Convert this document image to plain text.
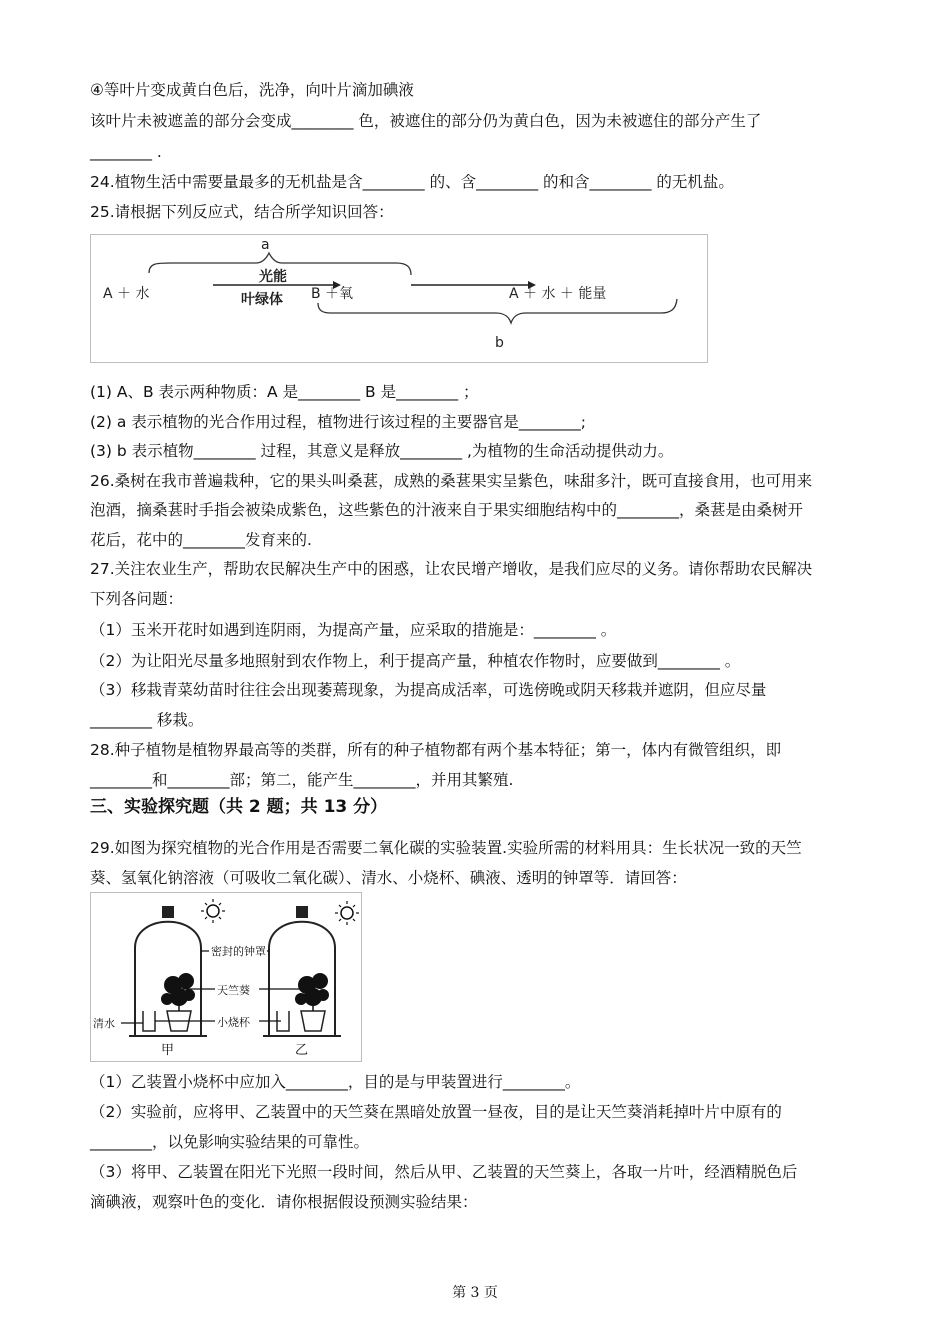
④等叶片变成黄白色后，洗净，向叶片滴加碘液
该叶片未被遮盖的部分会变成________ 色，被遮住的部分仍为黄白色，因为未被遮住的部分产生了
________ .
24.植物生活中需要量最多的无机盐是含________ 的、含________ 的和含________ 的无机盐。
25.请根据下列反应式，结合所学知识回答：
a
A ＋ 水
光能
叶绿体 B ＋氧	A ＋ 水 ＋ 能量
b
(1) A、B 表示两种物质：A 是________ B 是________ ；
(2) a 表示植物的光合作用过程，植物进行该过程的主要器官是________;
(3) b 表示植物________ 过程，其意义是释放________ ,为植物的生命活动提供动力。
26.桑树在我市普遍栽种，它的果头叫桑葚，成熟的桑葚果实呈紫色，味甜多汁，既可直接食用，也可用来
泡酒，摘桑葚时手指会被染成紫色，这些紫色的汁液来自于果实细胞结构中的________，桑葚是由桑树开
花后，花中的________发育来的.
27.关注农业生产，帮助农民解决生产中的困惑，让农民增产增收，是我们应尽的义务。请你帮助农民解决
下列各问题：
（1）玉米开花时如遇到连阴雨，为提高产量，应采取的措施是：________ 。
（2）为让阳光尽量多地照射到农作物上，利于提高产量，种植农作物时，应要做到________ 。
（3）移栽青菜幼苗时往往会出现萎蔫现象，为提高成活率，可选傍晚或阴天移栽并遮阴，但应尽量
________ 移栽。
28.种子植物是植物界最高等的类群，所有的种子植物都有两个基本特征；第一，体内有微管组织，即
________和________部；第二，能产生________，并用其繁殖.
三、实验探究题（共 2 题；共 13 分）
29.如图为探究植物的光合作用是否需要二氧化碳的实验装置.实验所需的材料用具：生长状况一致的天竺
葵、氢氧化钠溶液（可吸收二氧化碳）、清水、小烧杯、碘液、透明的钟罩等．请回答：
密封的钟罩
天竺葵
小烧杯
清水
甲	乙
（1）乙装置小烧杯中应加入________，目的是与甲装置进行________。
（2）实验前，应将甲、乙装置中的天竺葵在黑暗处放置一昼夜，目的是让天竺葵消耗掉叶片中原有的
________，以免影响实验结果的可靠性。
（3）将甲、乙装置在阳光下光照一段时间，然后从甲、乙装置的天竺葵上，各取一片叶，经酒精脱色后
滴碘液，观察叶色的变化．请你根据假设预测实验结果：
第 3 页
